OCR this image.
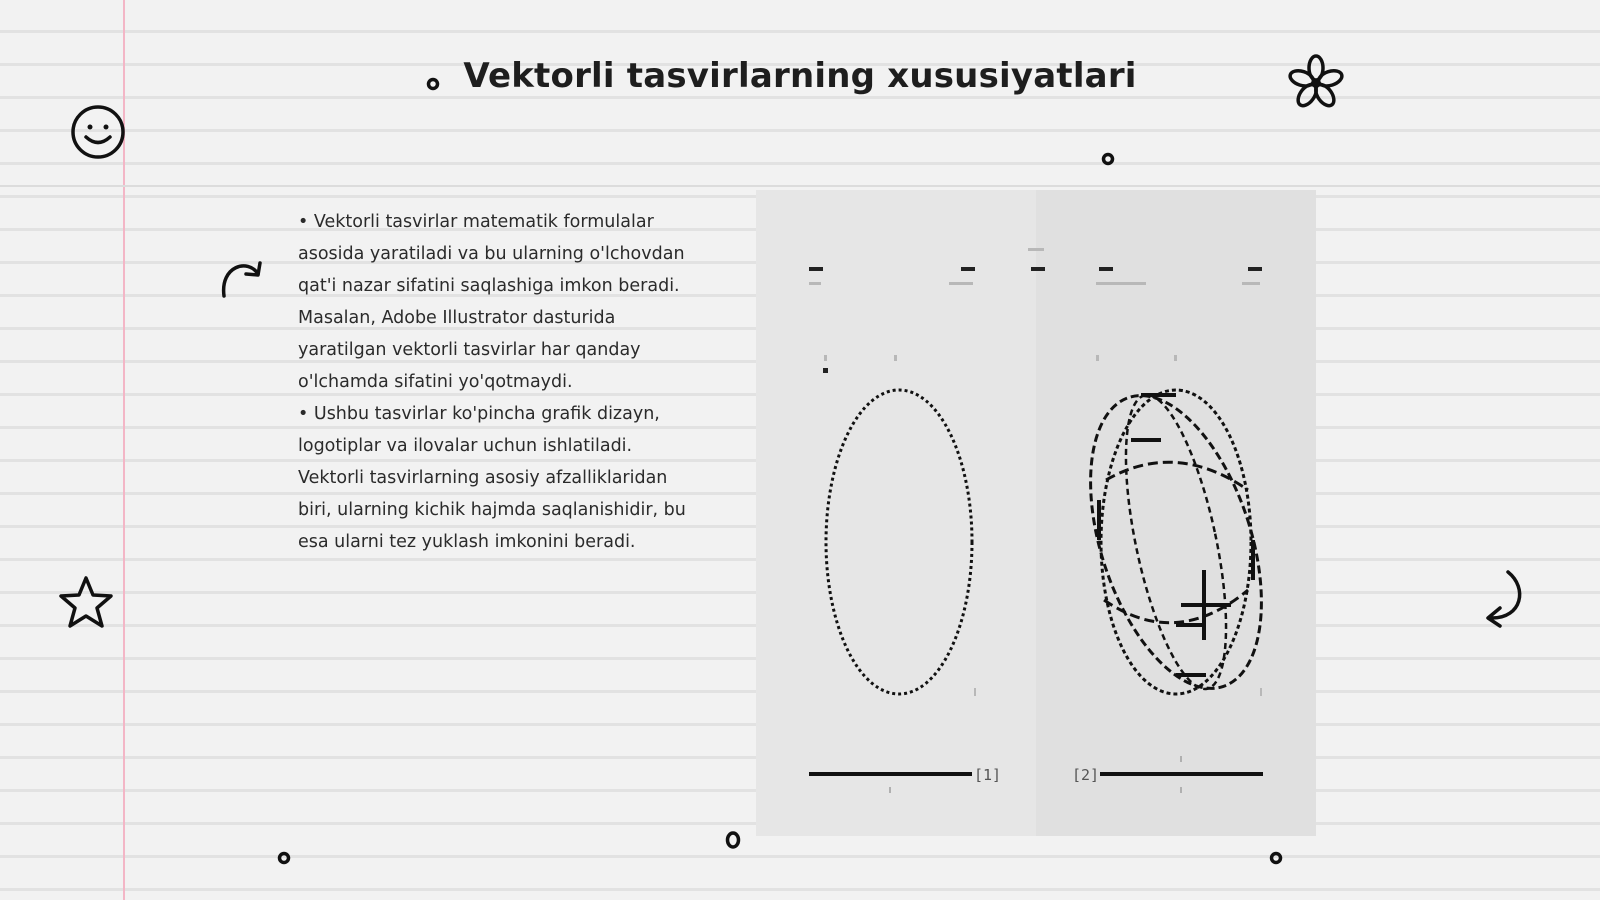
Vektorli tasvirlarning xususiyatlari

• Vektorli tasvirlar matematik formulalar asosida yaratiladi va bu ularning o'lchovdan qat'i nazar sifatini saqlashiga imkon beradi. Masalan, Adobe Illustrator dasturida yaratilgan vektorli tasvirlar har qanday o'lchamda sifatini yo'qotmaydi.

• Ushbu tasvirlar ko'pincha grafik dizayn, logotiplar va ilovalar uchun ishlatiladi. Vektorli tasvirlarning asosiy afzalliklaridan biri, ularning kichik hajmda saqlanishidir, bu esa ularni tez yuklash imkonini beradi.

[1]	[2]
